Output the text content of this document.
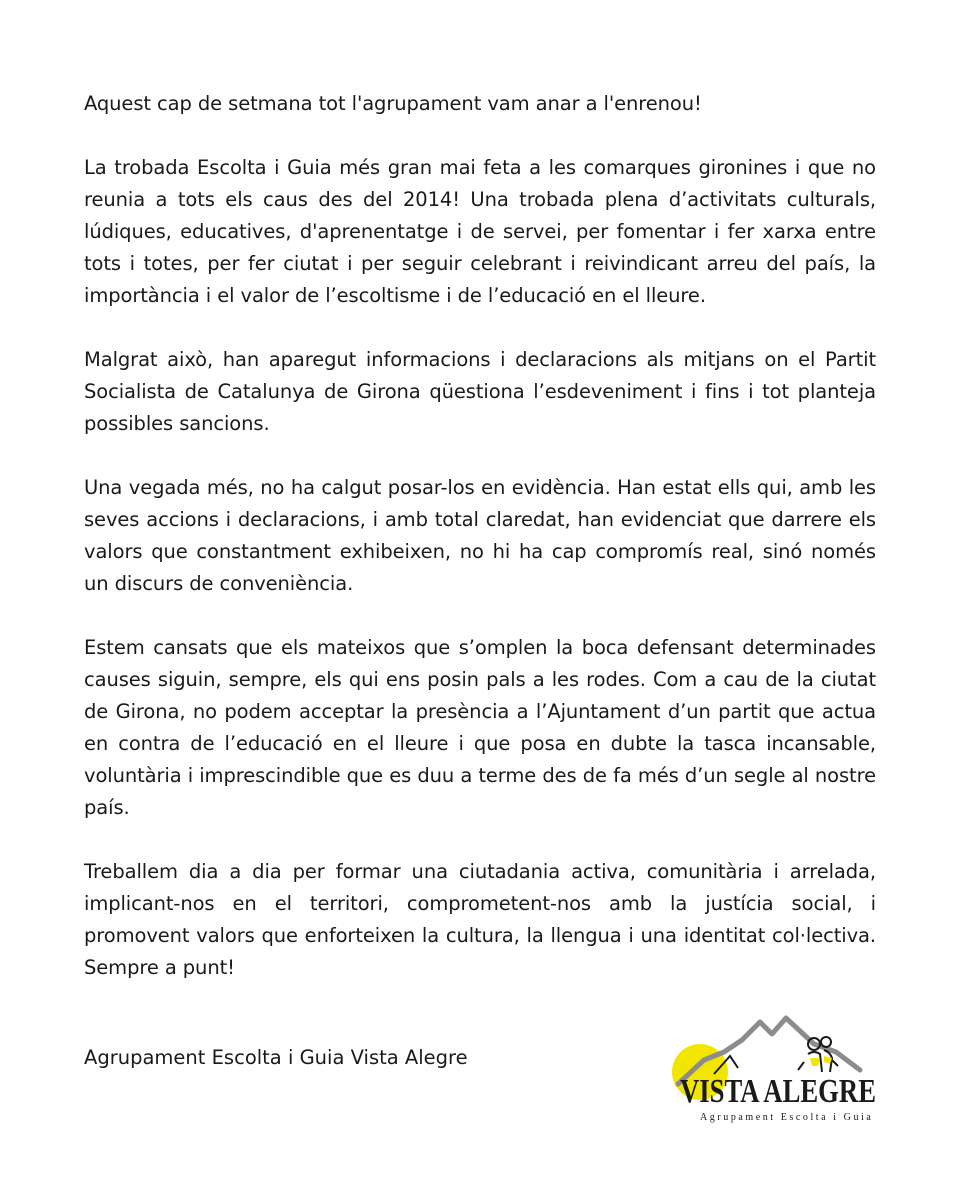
Aquest cap de setmana tot l'agrupament vam anar a l'enrenou!

La trobada Escolta i Guia més gran mai feta a les comarques gironines i que no reunia a tots els caus des del 2014! Una trobada plena d’activitats culturals, lúdiques, educatives, d'aprenentatge i de servei, per fomentar i fer xarxa entre tots i totes, per fer ciutat i per seguir celebrant i reivindicant arreu del país, la importància i el valor de l’escoltisme i de l’educació en el lleure.

Malgrat això, han aparegut informacions i declaracions als mitjans on el Partit Socialista de Catalunya de Girona qüestiona l’esdeveniment i fins i tot planteja possibles sancions.

Una vegada més, no ha calgut posar-los en evidència. Han estat ells qui, amb les seves accions i declaracions, i amb total claredat, han evidenciat que darrere els valors que constantment exhibeixen, no hi ha cap compromís real, sinó només un discurs de conveniència.

Estem cansats que els mateixos que s’omplen la boca defensant determinades causes siguin, sempre, els qui ens posin pals a les rodes. Com a cau de la ciutat de Girona, no podem acceptar la presència a l’Ajuntament d’un partit que actua en contra de l’educació en el lleure i que posa en dubte la tasca incansable, voluntària i imprescindible que es duu a terme des de fa més d’un segle al nostre país.

Treballem dia a dia per formar una ciutadania activa, comunitària i arrelada, implicant-nos en el territori, comprometent-nos amb la justícia social, i promovent valors que enforteixen la cultura, la llengua i una identitat col·lectiva. Sempre a punt!

Agrupament Escolta i Guia Vista Alegre

VISTA ALEGRE
Agrupament Escolta i Guia
